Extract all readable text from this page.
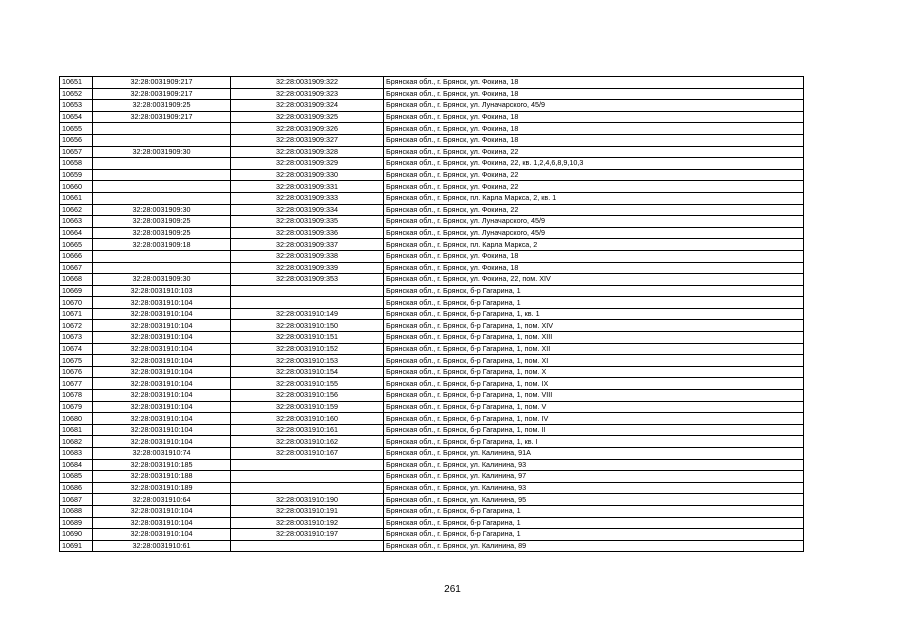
10651	32:28:0031909:217	32:28:0031909:322	Брянская обл., г. Брянск, ул. Фокина, 18
10652	32:28:0031909:217	32:28:0031909:323	Брянская обл., г. Брянск, ул. Фокина, 18
10653	32:28:0031909:25	32:28:0031909:324	Брянская обл., г. Брянск, ул. Луначарского, 45/9
10654	32:28:0031909:217	32:28:0031909:325	Брянская обл., г. Брянск, ул. Фокина, 18
10655		32:28:0031909:326	Брянская обл., г. Брянск, ул. Фокина, 18
10656		32:28:0031909:327	Брянская обл., г. Брянск, ул. Фокина, 18
10657	32:28:0031909:30	32:28:0031909:328	Брянская обл., г. Брянск, ул. Фокина, 22
10658		32:28:0031909:329	Брянская обл., г. Брянск, ул. Фокина, 22, кв. 1,2,4,6,8,9,10,3
10659		32:28:0031909:330	Брянская обл., г. Брянск, ул. Фокина, 22
10660		32:28:0031909:331	Брянская обл., г. Брянск, ул. Фокина, 22
10661		32:28:0031909:333	Брянская обл., г. Брянск, пл. Карла Маркса, 2, кв. 1
10662	32:28:0031909:30	32:28:0031909:334	Брянская обл., г. Брянск, ул. Фокина, 22
10663	32:28:0031909:25	32:28:0031909:335	Брянская обл., г. Брянск, ул. Луначарского, 45/9
10664	32:28:0031909:25	32:28:0031909:336	Брянская обл., г. Брянск, ул. Луначарского, 45/9
10665	32:28:0031909:18	32:28:0031909:337	Брянская обл., г. Брянск, пл. Карла Маркса, 2
10666		32:28:0031909:338	Брянская обл., г. Брянск, ул. Фокина, 18
10667		32:28:0031909:339	Брянская обл., г. Брянск, ул. Фокина, 18
10668	32:28:0031909:30	32:28:0031909:353	Брянская обл., г. Брянск, ул. Фокина, 22, пом. XIV
10669	32:28:0031910:103		Брянская обл., г. Брянск, б-р Гагарина, 1
10670	32:28:0031910:104		Брянская обл., г. Брянск, б-р Гагарина, 1
10671	32:28:0031910:104	32:28:0031910:149	Брянская обл., г. Брянск, б-р Гагарина, 1, кв. 1
10672	32:28:0031910:104	32:28:0031910:150	Брянская обл., г. Брянск, б-р Гагарина, 1, пом. XIV
10673	32:28:0031910:104	32:28:0031910:151	Брянская обл., г. Брянск, б-р Гагарина, 1, пом. XIII
10674	32:28:0031910:104	32:28:0031910:152	Брянская обл., г. Брянск, б-р Гагарина, 1, пом. XII
10675	32:28:0031910:104	32:28:0031910:153	Брянская обл., г. Брянск, б-р Гагарина, 1, пом. XI
10676	32:28:0031910:104	32:28:0031910:154	Брянская обл., г. Брянск, б-р Гагарина, 1, пом. X
10677	32:28:0031910:104	32:28:0031910:155	Брянская обл., г. Брянск, б-р Гагарина, 1, пом. IX
10678	32:28:0031910:104	32:28:0031910:156	Брянская обл., г. Брянск, б-р Гагарина, 1, пом. VIII
10679	32:28:0031910:104	32:28:0031910:159	Брянская обл., г. Брянск, б-р Гагарина, 1, пом. V
10680	32:28:0031910:104	32:28:0031910:160	Брянская обл., г. Брянск, б-р Гагарина, 1, пом. IV
10681	32:28:0031910:104	32:28:0031910:161	Брянская обл., г. Брянск, б-р Гагарина, 1, пом. II
10682	32:28:0031910:104	32:28:0031910:162	Брянская обл., г. Брянск, б-р Гагарина, 1, кв. I
10683	32:28:0031910:74	32:28:0031910:167	Брянская обл., г. Брянск, ул. Калинина, 91А
10684	32:28:0031910:185		Брянская обл., г. Брянск, ул. Калинина, 93
10685	32:28:0031910:188		Брянская обл., г. Брянск, ул. Калинина, 97
10686	32:28:0031910:189		Брянская обл., г. Брянск, ул. Калинина, 93
10687	32:28:0031910:64	32:28:0031910:190	Брянская обл., г. Брянск, ул. Калинина, 95
10688	32:28:0031910:104	32:28:0031910:191	Брянская обл., г. Брянск, б-р Гагарина, 1
10689	32:28:0031910:104	32:28:0031910:192	Брянская обл., г. Брянск, б-р Гагарина, 1
10690	32:28:0031910:104	32:28:0031910:197	Брянская обл., г. Брянск, б-р Гагарина, 1
10691	32:28:0031910:61		Брянская обл., г. Брянск, ул. Калинина, 89
261
